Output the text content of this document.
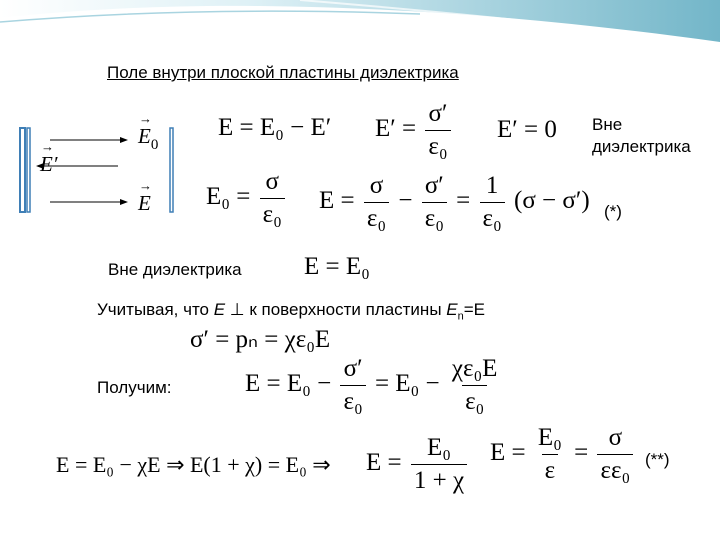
Поле внутри плоской пластины диэлектрика
→ $E_0$
→ E′
→ E
E = E₀ − E′ $E' = \frac{\sigma'}{\text{ε₀}} E' = 0$ Вне диэлектрика
$E_0 = \frac{\sigma}{\text{ε₀}}$ $E = \frac{\sigma}{\text{ε₀}} - \frac{\sigma'}{\text{ε₀}} = \frac{1}{\text{ε₀}} (\sigma - \sigma')$ (*)
Вне диэлектрика E = E₀
Учитывая, что E ⊥ к поверхности пластины $E_n=E$
σ′ = pₙ = χε₀E
Получим:	$E = E_0 - \frac{\sigma'}{\text{ε₀}} = E_0 - \frac{\text{χε₀E}}{\text{ε₀}}$
E = E₀ − χE ⇒ E(1 + χ) = E₀ ⇒ $E = \frac{\text{E₀}}{1 + \chi}$ $E = \frac{\text{E₀}}{\varepsilon} = \frac{\sigma}{\text{εε₀}}$ (**)
